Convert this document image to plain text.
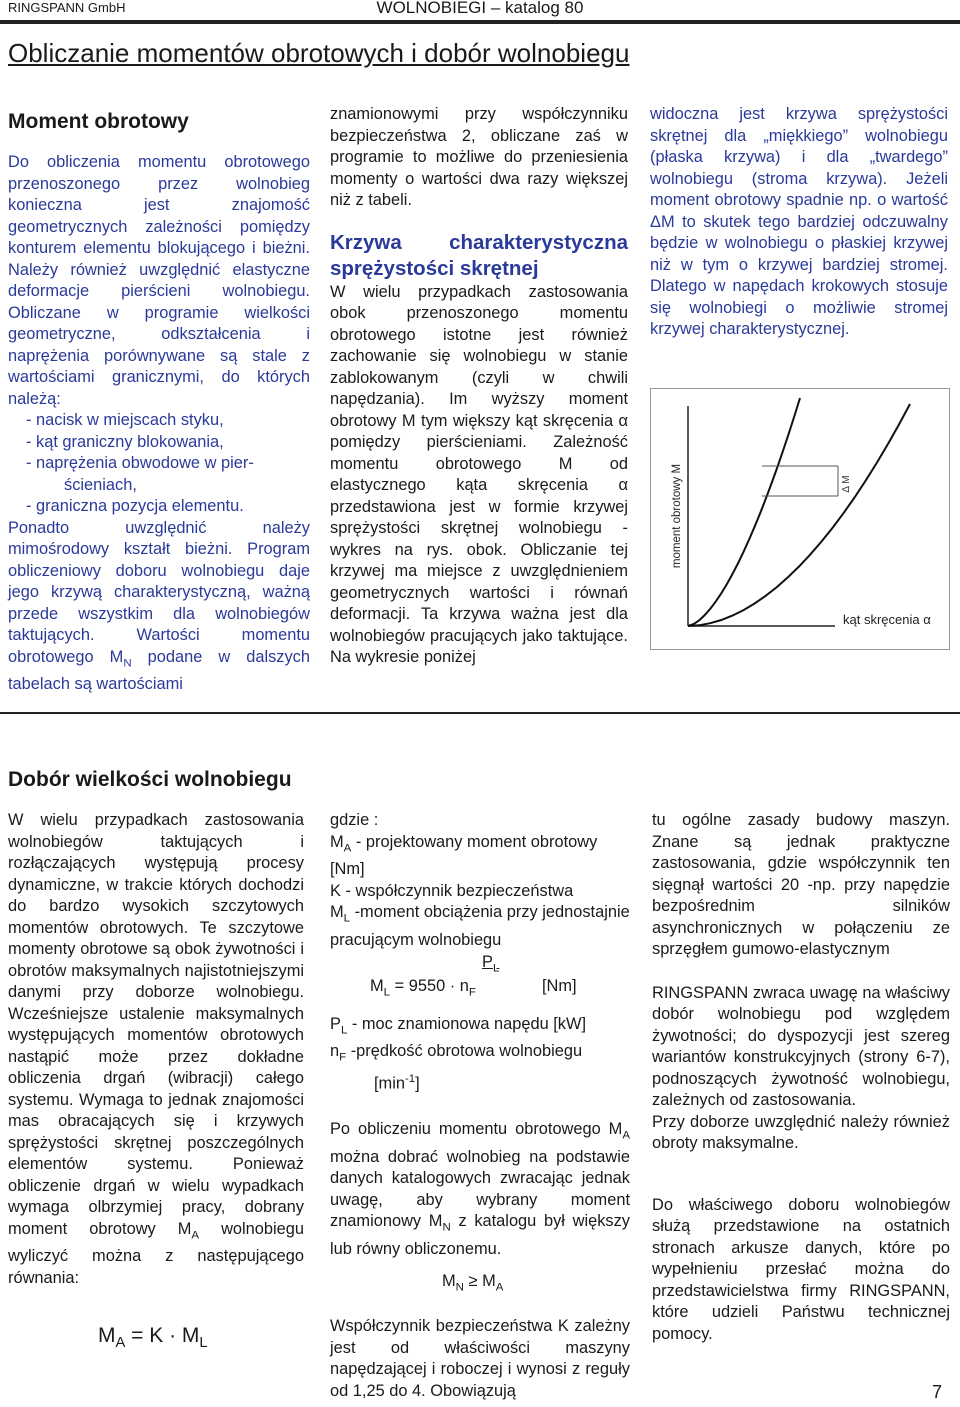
WOLNOBIEGI – katalog 80
RINGSPANN GmbH
Obliczanie momentów obrotowych i dobór wolnobiegu
Moment obrotowy

Do obliczenia momentu obrotowego przenoszonego przez wolnobieg konieczna jest znajomość geometrycznych zależności pomiędzy konturem elementu blokującego i bieżni. Należy również uwzględnić elastyczne deformacje pierścieni wolnobiegu. Obliczane w programie wielkości geometryczne, odkształcenia i naprężenia porównywane są stale z wartościami granicznymi, do których należą:

- nacisk w miejscach styku,
- kąt graniczny blokowania,
- naprężenia obwodowe w pier-
ścieniach,
- graniczna pozycja elementu.

Ponadto uwzględnić należy mimośrodowy kształt bieżni. Program obliczeniowy doboru wolnobiegu daje jego krzywą charakterystyczną, ważną przede wszystkim dla wolnobiegów taktujących. Wartości momentu obrotowego $M_N$ podane w dalszych tabelach są wartościami

znamionowymi przy współczynniku bezpieczeństwa 2, obliczane zaś w programie to możliwe do przeniesienia momenty o wartości dwa razy większej niż z tabeli.

Krzywa charakterystyczna sprężystości skrętnej

W wielu przypadkach zastosowania obok przenoszonego momentu obrotowego istotne jest również zachowanie się wolnobiegu w stanie zablokowanym (czyli w chwili napędzania). Im wyższy moment obrotowy M tym większy kąt skręcenia α pomiędzy pierścieniami. Zależność momentu obrotowego M od elastycznego kąta skręcenia α przedstawiona jest w formie krzywej sprężystości skrętnej wolnobiegu - wykres na rys. obok. Obliczanie tej krzywej ma miejsce z uwzględnieniem geometrycznych wartości i równań deformacji. Ta krzywa ważna jest dla wolnobiegów pracujących jako taktujące. Na wykresie poniżej

widoczna jest krzywa sprężystości skrętnej dla „miękkiego” wolnobiegu (płaska krzywa) i dla „twardego” wolnobiegu (stroma krzywa). Jeżeli moment obrotowy spadnie np. o wartość ΔM to skutek tego bardziej odczuwalny będzie w wolnobiegu o płaskiej krzywej niż w tym o krzywej bardziej stromej. Dlatego w napędach krokowych stosuje się wolnobiegi o możliwie stromej krzywej charakterystycznej.

Δ M
moment obrotowy M
kąt skręcenia α
Dobór wielkości wolnobiegu

W wielu przypadkach zastosowania wolnobiegów taktujących i rozłączających występują procesy dynamiczne, w trakcie których dochodzi do bardzo wysokich szczytowych momentów obrotowych. Te szczytowe momenty obrotowe są obok żywotności i obrotów maksymalnych najistotniejszymi danymi przy doborze wolnobiegu. Wcześniejsze ustalenie maksymalnych występujących momentów obrotowych nastąpić może przez dokładne obliczenia drgań (wibracji) całego systemu. Wymaga to jednak znajomości mas obracających się i krzywych sprężystości skrętnej poszczególnych elementów systemu. Ponieważ obliczenie drgań w wielu wypadkach wymaga olbrzymiej pracy, dobrany moment obrotowy $M_A$ wolnobiegu wyliczyć można z następującego równania:

$M_A = K \cdot M_L$

gdzie :

$M_A$ - projektowany moment obrotowy [Nm]

K - współczynnik bezpieczeństwa

$M_L$ -moment obciążenia przy jednostajnie pracującym wolnobiegu

$P_L$
$M_L = 9550 \cdot n_F$	[Nm]

$P_L$ - moc znamionowa napędu [kW]

$n_F$ -prędkość obrotowa wolnobiegu

$[\min^{-1}]$

Po obliczeniu momentu obrotowego $M_A$ można dobrać wolnobieg na podstawie danych katalogowych zwracając jednak uwagę, aby wybrany moment znamionowy $M_N$ z katalogu był większy lub równy obliczonemu.

$M_N \ge M_A$

Współczynnik bezpieczeństwa K zależny jest od właściwości maszyny napędzającej i roboczej i wynosi z reguły od 1,25 do 4. Obowiązują

tu ogólne zasady budowy maszyn. Znane są jednak praktyczne zastosowania, gdzie współczynnik ten sięgnął wartości 20 -np. przy napędzie bezpośrednim silników asynchronicznych w połączeniu ze sprzęgłem gumowo-elastycznym

RINGSPANN zwraca uwagę na właściwy dobór wolnobiegu pod względem żywotności; do dyspozycji jest szereg wariantów konstrukcyjnych (strony 6-7), podnoszących żywotność wolnobiegu, zależnych od zastosowania.

Przy doborze uwzględnić należy również obroty maksymalne.

Do właściwego doboru wolnobiegów służą przedstawione na ostatnich stronach arkusze danych, które po wypełnieniu przesłać można do przedstawicielstwa firmy RINGSPANN, które udzieli Państwu technicznej pomocy.

7
